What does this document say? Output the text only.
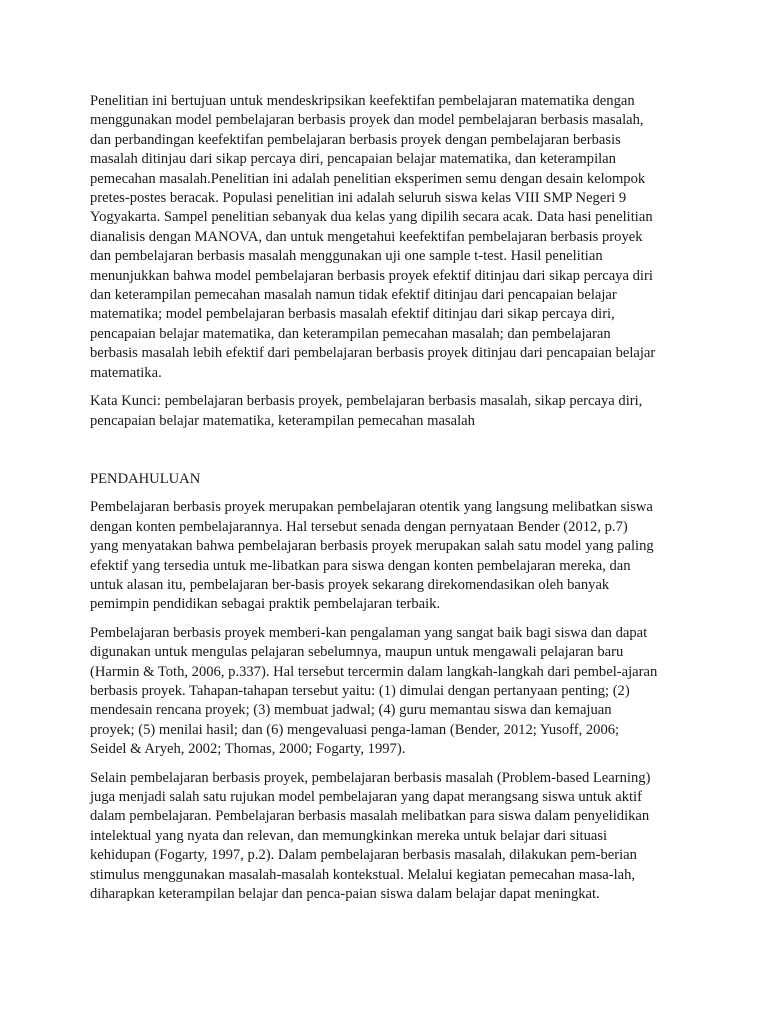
Penelitian ini bertujuan untuk mendeskripsikan keefektifan pembelajaran matematika dengan
menggunakan model pembelajaran berbasis proyek dan model pembelajaran berbasis masalah,
dan perbandingan keefektifan pembelajaran berbasis proyek dengan pembelajaran berbasis
masalah ditinjau dari sikap percaya diri, pencapaian belajar matematika, dan keterampilan
pemecahan masalah.Penelitian ini adalah penelitian eksperimen semu dengan desain kelompok
pretes-postes beracak. Populasi penelitian ini adalah seluruh siswa kelas VIII SMP Negeri 9
Yogyakarta. Sampel penelitian sebanyak dua kelas yang dipilih secara acak. Data hasi penelitian
dianalisis dengan MANOVA, dan untuk mengetahui keefektifan pembelajaran berbasis proyek
dan pembelajaran berbasis masalah menggunakan uji one sample t-test. Hasil penelitian
menunjukkan bahwa model pembelajaran berbasis proyek efektif ditinjau dari sikap percaya diri
dan keterampilan pemecahan masalah namun tidak efektif ditinjau dari pencapaian belajar
matematika; model pembelajaran berbasis masalah efektif ditinjau dari sikap percaya diri,
pencapaian belajar matematika, dan keterampilan pemecahan masalah; dan pembelajaran
berbasis masalah lebih efektif dari pembelajaran berbasis proyek ditinjau dari pencapaian belajar
matematika.

Kata Kunci: pembelajaran berbasis proyek, pembelajaran berbasis masalah, sikap percaya diri,
pencapaian belajar matematika, keterampilan pemecahan masalah

PENDAHULUAN

Pembelajaran berbasis proyek merupakan pembelajaran otentik yang langsung melibatkan siswa
dengan konten pembelajarannya. Hal tersebut senada dengan pernyataan Bender (2012, p.7)
yang menyatakan bahwa pembelajaran berbasis proyek merupakan salah satu model yang paling
efektif yang tersedia untuk me-libatkan para siswa dengan konten pembelajaran mereka, dan
untuk alasan itu, pembelajaran ber-basis proyek sekarang direkomendasikan oleh banyak
pemimpin pendidikan sebagai praktik pembelajaran terbaik.

Pembelajaran berbasis proyek memberi-kan pengalaman yang sangat baik bagi siswa dan dapat
digunakan untuk mengulas pelajaran sebelumnya, maupun untuk mengawali pelajaran baru
(Harmin & Toth, 2006, p.337). Hal tersebut tercermin dalam langkah-langkah dari pembel-ajaran
berbasis proyek. Tahapan-tahapan tersebut yaitu: (1) dimulai dengan pertanyaan penting; (2)
mendesain rencana proyek; (3) membuat jadwal; (4) guru memantau siswa dan kemajuan
proyek; (5) menilai hasil; dan (6) mengevaluasi penga-laman (Bender, 2012; Yusoff, 2006;
Seidel & Aryeh, 2002; Thomas, 2000; Fogarty, 1997).

Selain pembelajaran berbasis proyek, pembelajaran berbasis masalah (Problem-based Learning)
juga menjadi salah satu rujukan model pembelajaran yang dapat merangsang siswa untuk aktif
dalam pembelajaran. Pembelajaran berbasis masalah melibatkan para siswa dalam penyelidikan
intelektual yang nyata dan relevan, dan memungkinkan mereka untuk belajar dari situasi
kehidupan (Fogarty, 1997, p.2). Dalam pembelajaran berbasis masalah, dilakukan pem-berian
stimulus menggunakan masalah-masalah kontekstual. Melalui kegiatan pemecahan masa-lah,
diharapkan keterampilan belajar dan penca-paian siswa dalam belajar dapat meningkat.
